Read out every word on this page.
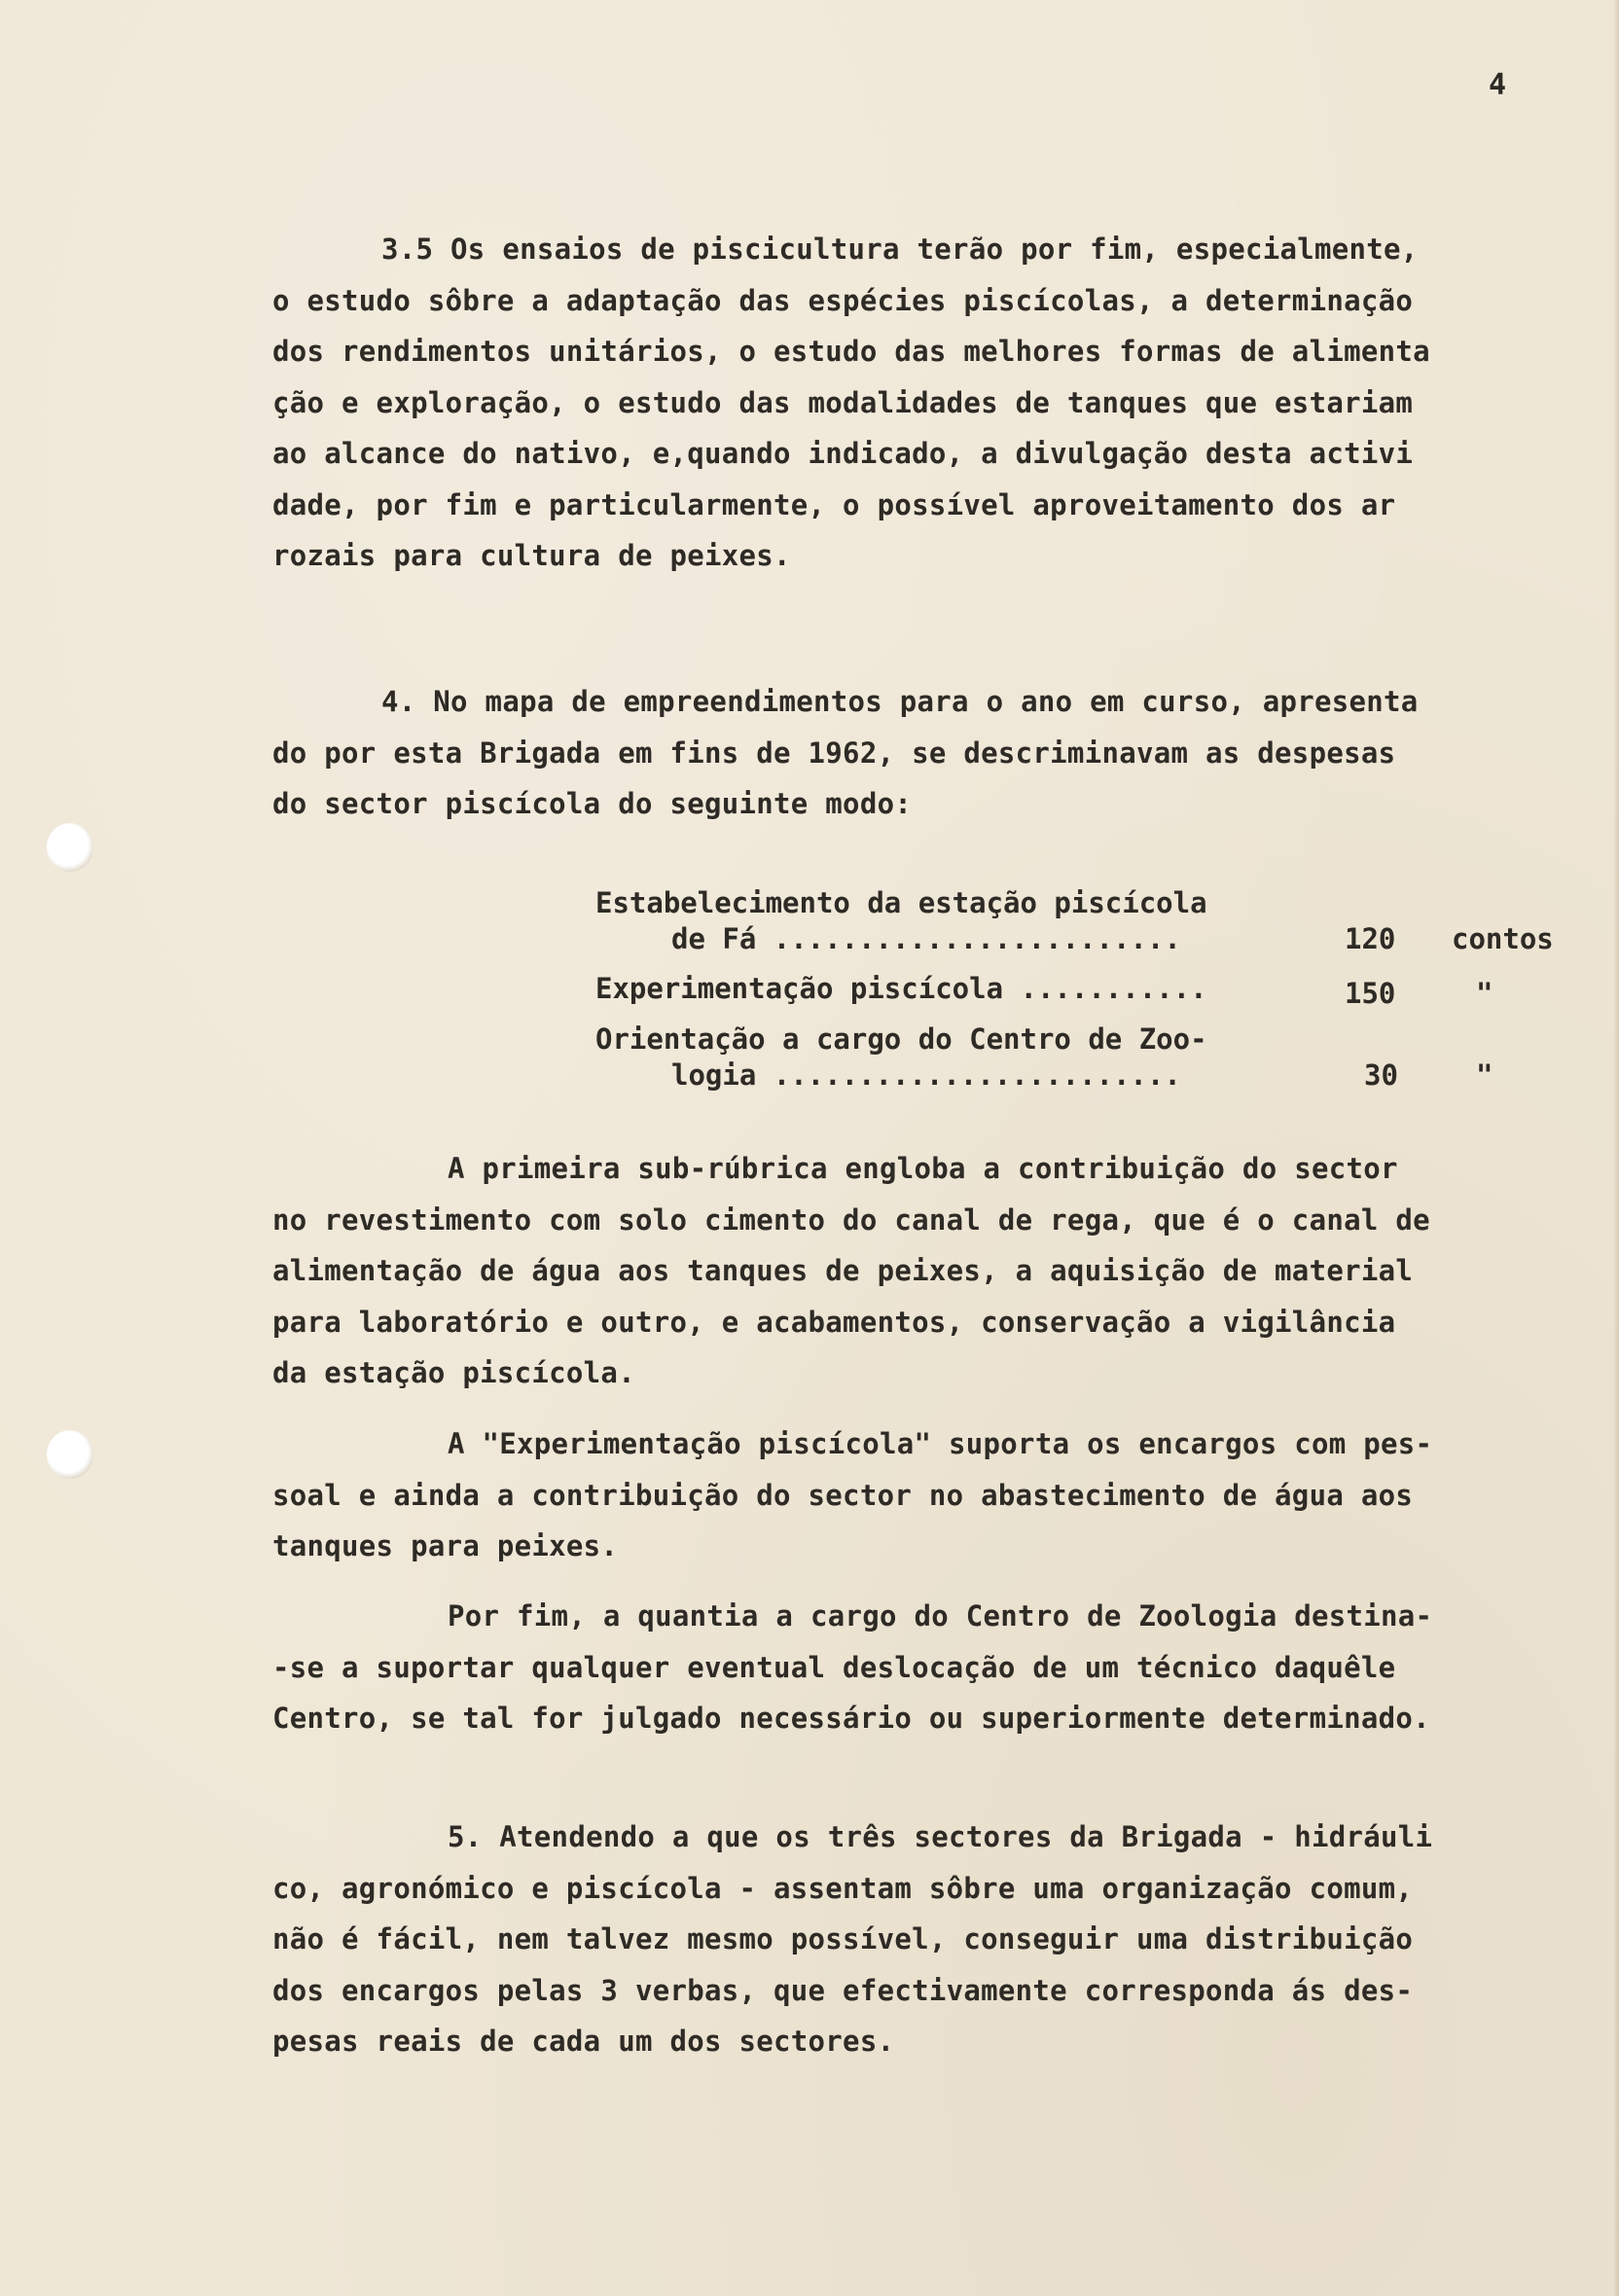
4
3.5 Os ensaios de piscicultura terão por fim, especialmente,
o estudo sôbre a adaptação das espécies piscícolas, a determinação
dos rendimentos unitários, o estudo das melhores formas de alimenta
ção e exploração, o estudo das modalidades de tanques que estariam
ao alcance do nativo, e,quando indicado, a divulgação desta activi
dade, por fim e particularmente, o possível aproveitamento dos ar
rozais para cultura de peixes.
4. No mapa de empreendimentos para o ano em curso, apresenta
do por esta Brigada em fins de 1962, se descriminavam as despesas
do sector piscícola do seguinte modo:
Estabelecimento da estação piscícola
de Fá ........................	120 contos
Experimentação piscícola ...........	150	"
Orientação a cargo do Centro de Zoo-
logia ........................	30	"
A primeira sub-rúbrica engloba a contribuição do sector
no revestimento com solo cimento do canal de rega, que é o canal de
alimentação de água aos tanques de peixes, a aquisição de material
para laboratório e outro, e acabamentos, conservação a vigilância
da estação piscícola.
A "Experimentação piscícola" suporta os encargos com pes-
soal e ainda a contribuição do sector no abastecimento de água aos
tanques para peixes.
Por fim, a quantia a cargo do Centro de Zoologia destina-
-se a suportar qualquer eventual deslocação de um técnico daquêle
Centro, se tal for julgado necessário ou superiormente determinado.
5. Atendendo a que os três sectores da Brigada - hidráuli
co, agronómico e piscícola - assentam sôbre uma organização comum,
não é fácil, nem talvez mesmo possível, conseguir uma distribuição
dos encargos pelas 3 verbas, que efectivamente corresponda ás des-
pesas reais de cada um dos sectores.
